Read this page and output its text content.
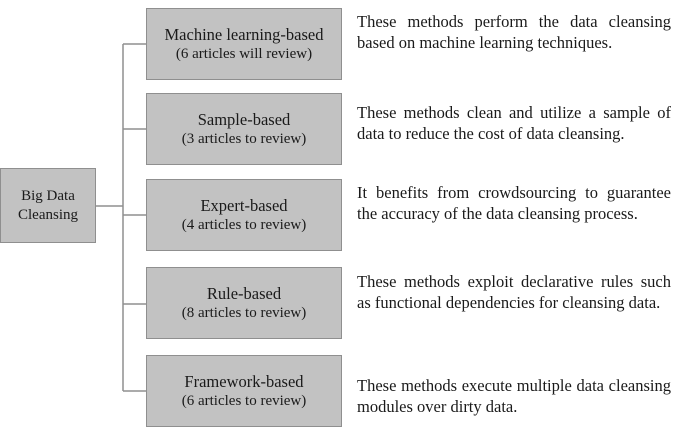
Big Data
Cleansing
Machine learning-based
(6 articles will review)
These methods perform the data cleansing based on machine learning techniques.
Sample-based
(3 articles to review)
These methods clean and utilize a sample of data to reduce the cost of data cleansing.
Expert-based
(4 articles to review)
It benefits from crowdsourcing to guarantee the accuracy of the data cleansing process.
Rule-based
(8 articles to review)
These methods exploit declarative rules such as functional dependencies for cleansing data.
Framework-based
(6 articles to review)
These methods execute multiple data cleansing modules over dirty data.
